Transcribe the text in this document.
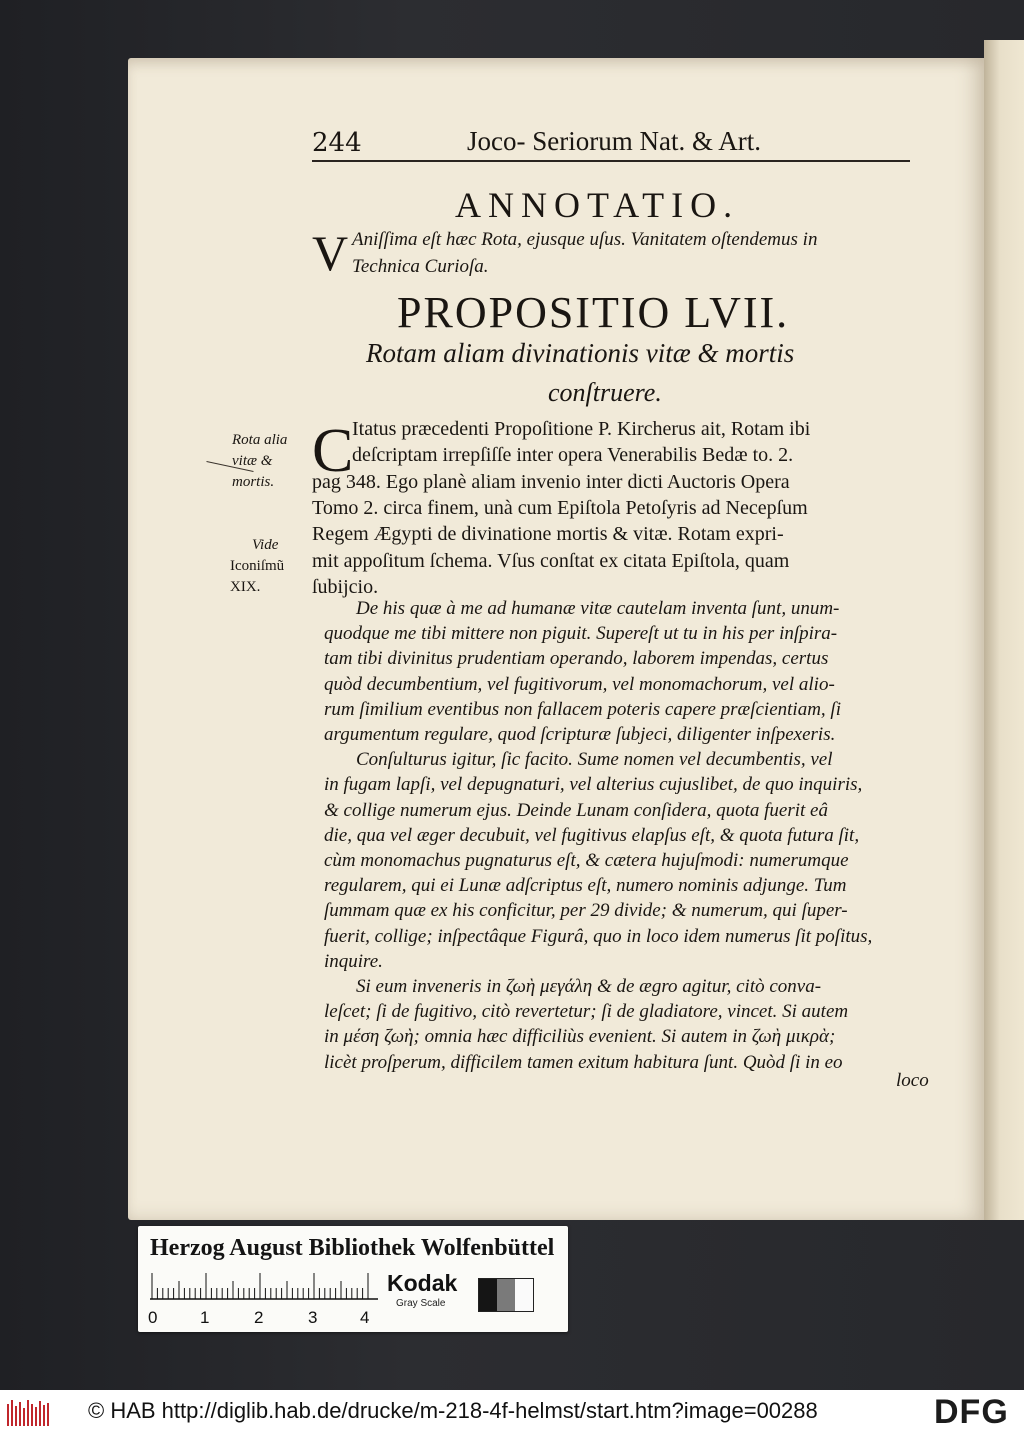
244	Joco- Seriorum Nat. & Art.

ANNOTATIO.

V Aniſſima eſt hæc Rota, ejusque uſus. Vanitatem oſtendemus in

Technica Curioſa.

PROPOSITIO LVII.

Rotam aliam divinationis vitæ & mortis

conſtruere.

Rota alia
vitæ &
mortis.
Vide
Iconiſmũ
XIX.

C

Itatus præcedenti Propoſitione P. Kircherus ait, Rotam ibi

deſcriptam irrepſiſſe inter opera Venerabilis Bedæ to. 2.

pag 348. Ego planè aliam invenio inter dicti Auctoris Opera

Tomo 2. circa finem, unà cum Epiſtola Petoſyris ad Necepſum

Regem Ægypti de divinatione mortis & vitæ. Rotam expri-

mit appoſitum ſchema. Vſus conſtat ex citata Epiſtola, quam

ſubijcio.

De his quæ à me ad humanæ vitæ cautelam inventa ſunt, unum-

quodque me tibi mittere non piguit. Supereſt ut tu in his per inſpira-

tam tibi divinitus prudentiam operando, laborem impendas, certus

quòd decumbentium, vel fugitivorum, vel monomachorum, vel alio-

rum ſimilium eventibus non fallacem poteris capere præſcientiam, ſi

argumentum regulare, quod ſcripturæ ſubjeci, diligenter inſpexeris.

Conſulturus igitur, ſic facito. Sume nomen vel decumbentis, vel

in fugam lapſi, vel depugnaturi, vel alterius cujuslibet, de quo inquiris,

& collige numerum ejus. Deinde Lunam conſidera, quota fuerit eâ

die, qua vel æger decubuit, vel fugitivus elapſus eſt, & quota futura ſit,

cùm monomachus pugnaturus eſt, & cætera hujuſmodi: numerumque

regularem, qui ei Lunæ adſcriptus eſt, numero nominis adjunge. Tum

ſummam quæ ex his conficitur, per 29 divide; & numerum, qui ſuper-

fuerit, collige; inſpectâque Figurâ, quo in loco idem numerus ſit poſitus,

inquire.

Si eum inveneris in ζωὴ μεγάλη & de ægro agitur, citò conva-

leſcet; ſi de fugitivo, citò revertetur; ſi de gladiatore, vincet. Si autem

in μέση ζωὴ; omnia hæc difficiliùs evenient. Si autem in ζωὴ μικρὰ;

licèt proſperum, difficilem tamen exitum habitura ſunt. Quòd ſi in eo

loco

Herzog August Bibliothek Wolfenbüttel
0	1	2	3	4
Kodak
Gray Scale
© HAB http://diglib.hab.de/drucke/m-218-4f-helmst/start.htm?image=00288	DFG
